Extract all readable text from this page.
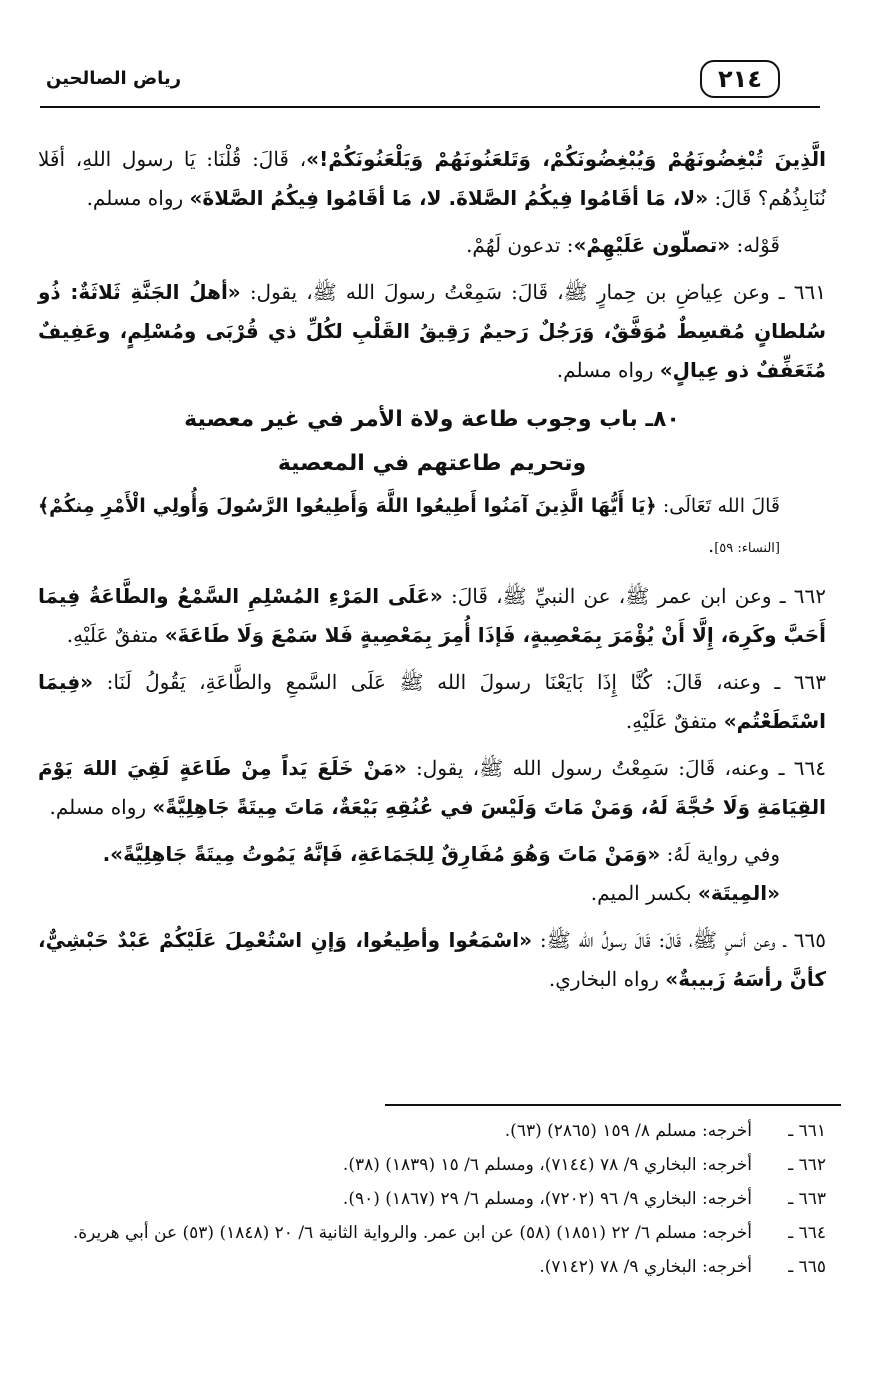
٢١٤
رياض الصالحين

الَّذِينَ تُبْغِضُونَهُمْ وَيُبْغِضُونَكُمْ، وَتَلعَنُونَهُمْ وَيَلْعَنُونَكُمْ!»، قَالَ: قُلْنَا: يَا رسول اللهِ، أفَلا نُنَابِذُهُم؟ قَالَ: «لا، مَا أقَامُوا فِيكُمُ الصَّلاةَ. لا، مَا أقَامُوا فِيكُمُ الصَّلاةَ» رواه مسلم.

قَوْله: «تصلّون عَلَيْهِمْ»: تدعون لَهُمْ.

٦٦١ ـ وعن عِياضِ بن حِمارٍ ﷺ، قَالَ: سَمِعْتُ رسولَ الله ﷺ، يقول: «أهلُ الجَنَّةِ ثَلاثَةٌ: ذُو سُلطانٍ مُقسِطٌ مُوَفَّقٌ، وَرَجُلٌ رَحيمٌ رَقِيقُ القَلْبِ لكُلِّ ذي قُرْبَى ومُسْلِمٍ، وعَفِيفٌ مُتَعَفِّفٌ ذو عِيالٍ» رواه مسلم.

٨٠ـ باب وجوب طاعة ولاة الأمر في غير معصية

وتحريم طاعتهم في المعصية

قَالَ الله تَعَالَى: ﴿يَا أَيُّهَا الَّذِينَ آمَنُوا أَطِيعُوا اللَّهَ وَأَطِيعُوا الرَّسُولَ وَأُولِي الْأَمْرِ مِنكُمْ﴾ [النساء: ٥٩].

٦٦٢ ـ وعن ابن عمر ﷺ، عن النبيِّ ﷺ، قَالَ: «عَلَى المَرْءِ المُسْلِمِ السَّمْعُ والطَّاعَةُ فِيمَا أَحَبَّ وكَرِهَ، إِلَّا أَنْ يُؤْمَرَ بِمَعْصِيةٍ، فَإذَا أُمِرَ بِمَعْصِيةٍ فَلا سَمْعَ وَلَا طَاعَةَ» متفقٌ عَلَيْهِ.

٦٦٣ ـ وعنه، قَالَ: كُنَّا إِذَا بَايَعْنَا رسولَ الله ﷺ عَلَى السَّمعِ والطَّاعَةِ، يَقُولُ لَنَا: «فِيمَا اسْتَطَعْتُم» متفقٌ عَلَيْهِ.

٦٦٤ ـ وعنه، قَالَ: سَمِعْتُ رسول الله ﷺ، يقول: «مَنْ خَلَعَ يَداً مِنْ طَاعَةٍ لَقِيَ اللهَ يَوْمَ القِيَامَةِ وَلَا حُجَّةَ لَهُ، وَمَنْ مَاتَ وَلَيْسَ في عُنُقِهِ بَيْعَةٌ، مَاتَ مِيتَةً جَاهِلِيَّةً» رواه مسلم.

وفي رواية لَهُ: «وَمَنْ مَاتَ وَهُوَ مُفَارِقٌ لِلجَمَاعَةِ، فَإنَّهُ يَمُوتُ مِيتَةً جَاهِلِيَّةً».

«المِيتَة» بكسر الميم.

٦٦٥ ـ وعن أنسٍ ﷺ، قَالَ: قَالَ رسولُ الله ﷺ: «اسْمَعُوا وأطِيعُوا، وَإنِ اسْتُعْمِلَ عَلَيْكُمْ عَبْدٌ حَبْشِيٌّ، كأنَّ رأسَهُ زَبيبةٌ» رواه البخاري.

٦٦١ ـ
أخرجه: مسلم ٨/ ١٥٩ (٢٨٦٥) (٦٣).
٦٦٢ ـ
أخرجه: البخاري ٩/ ٧٨ (٧١٤٤)، ومسلم ٦/ ١٥ (١٨٣٩) (٣٨).
٦٦٣ ـ
أخرجه: البخاري ٩/ ٩٦ (٧٢٠٢)، ومسلم ٦/ ٢٩ (١٨٦٧) (٩٠).
٦٦٤ ـ
أخرجه: مسلم ٦/ ٢٢ (١٨٥١) (٥٨) عن ابن عمر. والرواية الثانية ٦/ ٢٠ (١٨٤٨) (٥٣) عن أبي هريرة.
٦٦٥ ـ
أخرجه: البخاري ٩/ ٧٨ (٧١٤٢).
